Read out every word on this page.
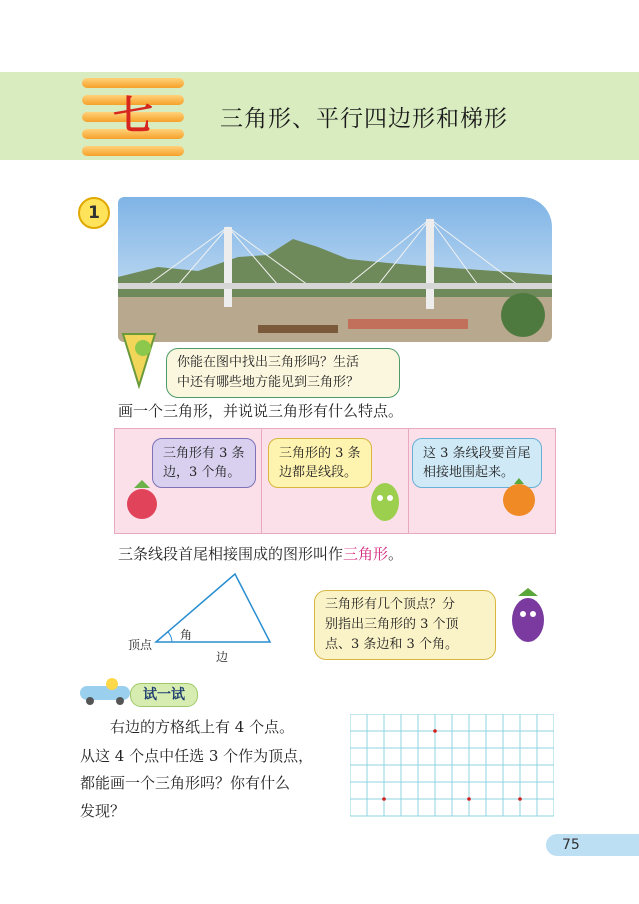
七	三角形、平行四边形和梯形
1
你能在图中找出三角形吗？生活
中还有哪些地方能见到三角形？
画一个三角形，并说说三角形有什么特点。
三角形有 3 条
边，3 个角。
三角形的 3 条
边都是线段。
这 3 条线段要首尾
相接地围起来。
三条线段首尾相接围成的图形叫作三角形。
顶点
角
边
三角形有几个顶点？分
别指出三角形的 3 个顶
点、3 条边和 3 个角。
试一试
右边的方格纸上有 4 个点。
从这 4 个点中任选 3 个作为顶点，
都能画一个三角形吗？你有什么
发现？
75
